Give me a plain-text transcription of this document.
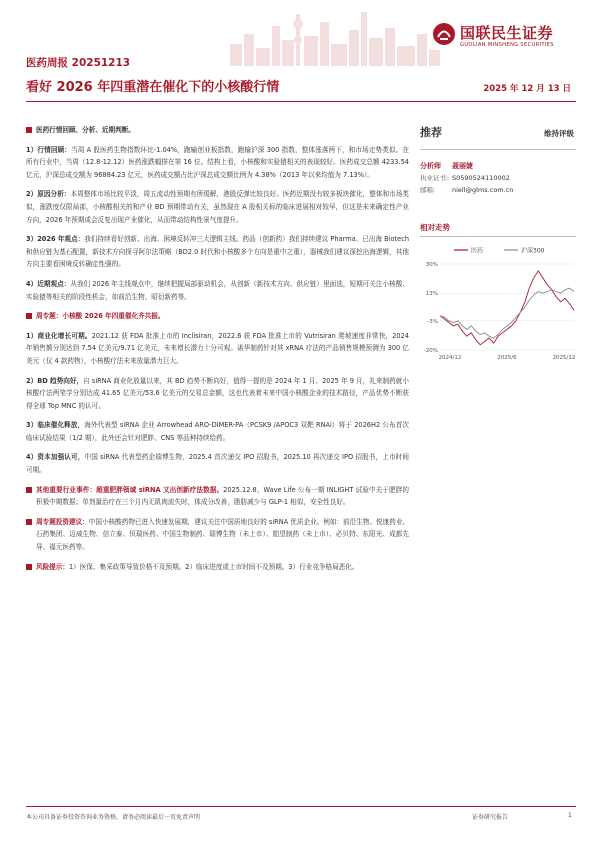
国联民生证券
GUOLIAN MINSHENG SECURITIES
医药周报 20251213
看好 2026 年四重潜在催化下的小核酸行情	2025 年 12 月 13 日
医药行情回顾、分析、近期判断。
1）行情回顾：当周 A 股医药生物指数环比-1.04%，跑输创业板指数，跑输沪深 300 指数，整体涨落两下，和市场走势类似。在所有行业中，当周（12.8-12.12）医药涨跌幅排在第 16 位。结构上看，小核酸和实验猿相关的表现较好。医药成交总额 4233.54 亿元，沪深总成交额为 96884.23 亿元，医药成交额占比沪深总成交额比例为 4.38%（2013 年以来均值为 7.13%）。
2）原因分析：本周整体市场比较平淡，周五流动性预期有所缓解，港股反弹比较良好。医药近期没有较多板块催化，整体和市场类似，涨跌度仅限局部，小核酸相关的和产业 BD 预期带动有关，虽然现在 A 股相关标的临床进展相对较早，但这是未来确定性产业方向，2026 年预期或会反复出现产业催化，从而带动结构性景气度提升。
3）2026 年观点：我们持续看好创新、出海、困境反转冲三大逻辑主线。药品（创新药）我们持续建议 Pharma、已出海 Biotech 和供应链为基石配置，新技术方向探寻阿尔法策略（BD2.0 时代和小核酸多个方向是重中之重），器械我们建议深挖出海逻辑，其他方向主要看困境反转确定性强的。
4）近期观点：从我们 2026 年主线观点中，继续把握局部驱动机会，从创新（新技术方向、供应链）里面选，短期可关注小核酸、实验猿等相关的阶段性机会，如前沿生物、昭衍新药等。
周专题：小核酸 2026 年四重催化齐共振。
1）商业化增长可期。2021.12 获 FDA 批准上市的 Inclisiran，2022.6 获 FDA 批准上市的 Vutrisiran 爬坡速度非常快，2024 年销售额分别达到 7.54 亿美元/9.71 亿美元，未来增长潜力十分可观。诺华制药针对其 xRNA 疗法的产品销售规模预测为 300 亿美元（仅 4 款药物），小核酸疗法未来放量潜力巨大。
2）BD 趋势向好，自 siRNA 商业化放量以来，其 BD 趋势不断向好，值得一提的是 2024 年 1 月、2025 年 9 月，礼来制药就小核酸疗法两笔学分别达成 41.65 亿美元/53.6 亿美元的交易总金额，这也代表着未来中国小核酸企业的技术路径，产品优势不断获得全球 Top MNC 的认可。
3）临床催化释放，海外代表型 siRNA 企业 Arrowhead ARO-DIMER-PA（PCSK9 /APOC3 双靶 RNAi）将于 2026H2 公布首次临床试验结果（1/2 期），此外还会针对肥胖、CNS 等品种持续给药。
4）资本加强认可，中国 siRNA 代表型药企瑞博生物，2025.4 首次递交 IPO 招股书，2025.10 再次递交 IPO 招股书，上市时间可期。
其他重要行业事件：超重肥胖领域 siRNA 又出创新疗法数据。2025.12.8，Wave Life 公布一期 INLIGHT 试验中关于肥胖的积极中期数据；单剂量治疗在三个月内无肌肉流失时，体成分改善，脂肪减少与 GLP-1 相似，安全性良好。
周专题投资建议：中国小核酸药物已进入快速发展期，建议关注中国质地良好的 siRNA 优质企业。例如：前沿生物、悦康药业、石药集团、迈威生物、信立泰、恒瑞医药、中国生物制药、瑞博生物（未上市）、舶望制药（未上市）、必贝特、东阳光、成都先导、福元医药等。
风险提示：1）医保、集采政策导致价格不及预期。2）临床进度或上市时间不及预期。3）行业竞争格局恶化。
推荐	维持评级
分析师 聂丽婕
执业证书: S0590524110002
邮箱:	niell@glms.com.cn
相对走势
医药	沪深300
30%
13%
-3%
-20%
2024/12	2025/6	2025/12
本公司具备证券投资咨询业务资格，请务必阅读最后一页免责声明	证券研究报告	1
